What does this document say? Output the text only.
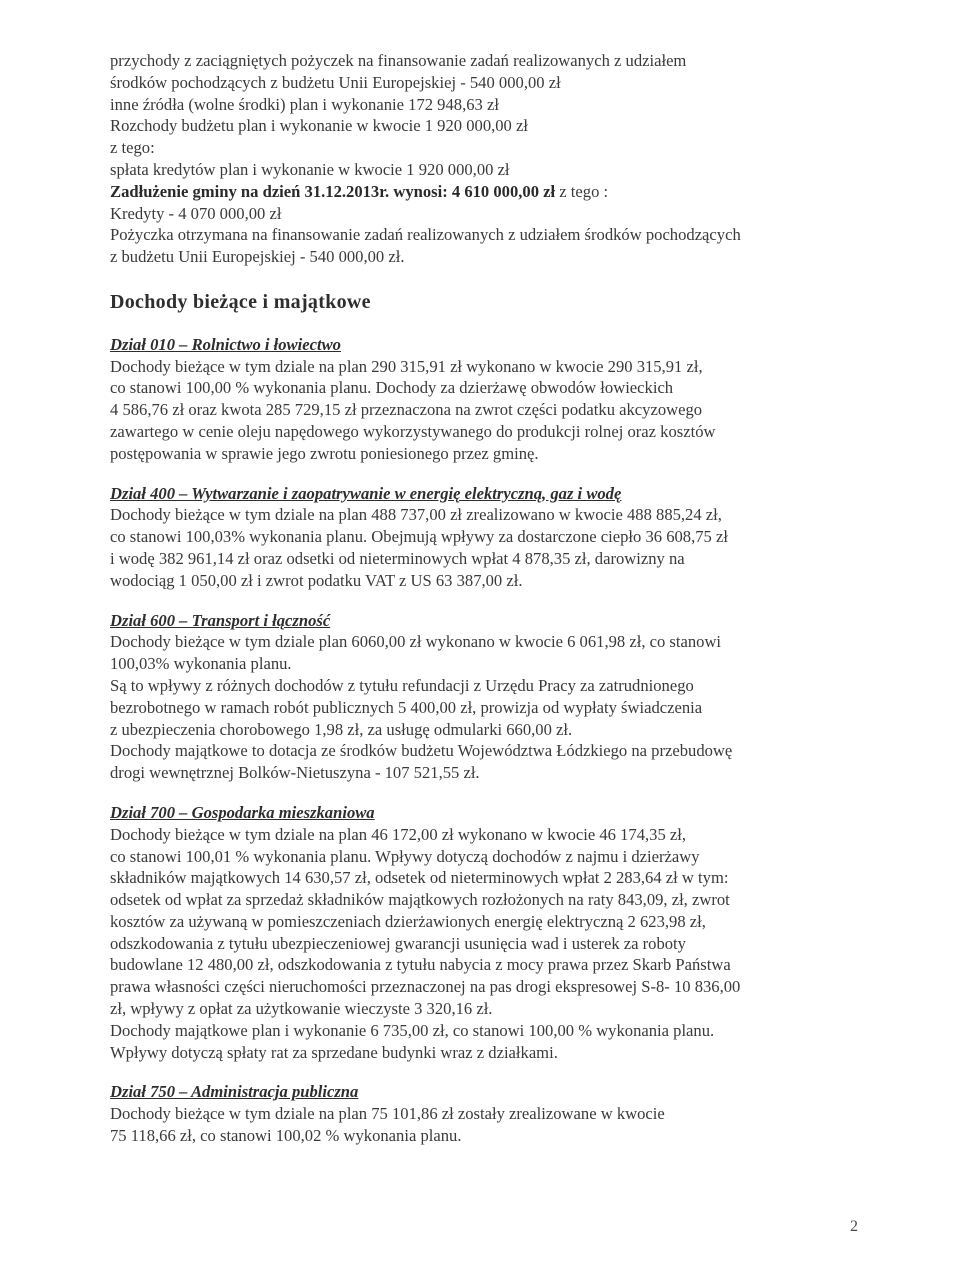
przychody z zaciągniętych pożyczek na finansowanie zadań realizowanych z udziałem
środków pochodzących z budżetu Unii Europejskiej - 540 000,00 zł
inne źródła (wolne środki) plan i wykonanie 172 948,63 zł
Rozchody budżetu plan i wykonanie w kwocie 1 920 000,00 zł
z tego:
spłata kredytów plan i wykonanie w kwocie 1 920 000,00 zł
Zadłużenie gminy na dzień 31.12.2013r. wynosi: 4 610 000,00 zł z tego :
Kredyty - 4 070 000,00 zł
Pożyczka otrzymana na finansowanie zadań realizowanych z udziałem środków pochodzących
z budżetu Unii Europejskiej - 540 000,00 zł.
Dochody bieżące i majątkowe
Dział 010 – Rolnictwo i łowiectwo
Dochody bieżące w tym dziale na plan 290 315,91 zł wykonano w kwocie 290 315,91 zł,
co stanowi 100,00 % wykonania planu. Dochody za dzierżawę obwodów łowieckich
4 586,76 zł oraz kwota 285 729,15 zł przeznaczona na zwrot części podatku akcyzowego
zawartego w cenie oleju napędowego wykorzystywanego do produkcji rolnej oraz kosztów
postępowania w sprawie jego zwrotu poniesionego przez gminę.
Dział 400 – Wytwarzanie i zaopatrywanie w energię elektryczną, gaz i wodę
Dochody bieżące w tym dziale na plan 488 737,00 zł zrealizowano w kwocie 488 885,24 zł,
co stanowi 100,03% wykonania planu. Obejmują wpływy za dostarczone ciepło 36 608,75 zł
i wodę 382 961,14 zł oraz odsetki od nieterminowych wpłat 4 878,35 zł, darowizny na
wodociąg 1 050,00 zł i zwrot podatku VAT z US 63 387,00 zł.
Dział 600 – Transport i łączność
Dochody bieżące w tym dziale plan 6060,00 zł wykonano w kwocie 6 061,98 zł, co stanowi
100,03% wykonania planu.
Są to wpływy z różnych dochodów z tytułu refundacji z Urzędu Pracy za zatrudnionego
bezrobotnego w ramach robót publicznych 5 400,00 zł, prowizja od wypłaty świadczenia
z ubezpieczenia chorobowego 1,98 zł, za usługę odmularki 660,00 zł.
Dochody majątkowe to dotacja ze środków budżetu Województwa Łódzkiego na przebudowę
drogi wewnętrznej Bolków-Nietuszyna - 107 521,55 zł.
Dział 700 – Gospodarka mieszkaniowa
Dochody bieżące w tym dziale na plan 46 172,00 zł wykonano w kwocie 46 174,35 zł,
co stanowi 100,01 % wykonania planu. Wpływy dotyczą dochodów z najmu i dzierżawy
składników majątkowych 14 630,57 zł, odsetek od nieterminowych wpłat 2 283,64 zł w tym:
odsetek od wpłat za sprzedaż składników majątkowych rozłożonych na raty 843,09, zł, zwrot
kosztów za używaną w pomieszczeniach dzierżawionych energię elektryczną 2 623,98 zł,
odszkodowania z tytułu ubezpieczeniowej gwarancji usunięcia wad i usterek za roboty
budowlane 12 480,00 zł, odszkodowania z tytułu nabycia z mocy prawa przez Skarb Państwa
prawa własności części nieruchomości przeznaczonej na pas drogi ekspresowej S-8- 10 836,00
zł, wpływy z opłat za użytkowanie wieczyste 3 320,16 zł.
Dochody majątkowe plan i wykonanie 6 735,00 zł, co stanowi 100,00 % wykonania planu.
Wpływy dotyczą spłaty rat za sprzedane budynki wraz z działkami.
Dział 750 – Administracja publiczna
Dochody bieżące w tym dziale na plan 75 101,86 zł zostały zrealizowane w kwocie
75 118,66 zł, co stanowi 100,02 % wykonania planu.
2
